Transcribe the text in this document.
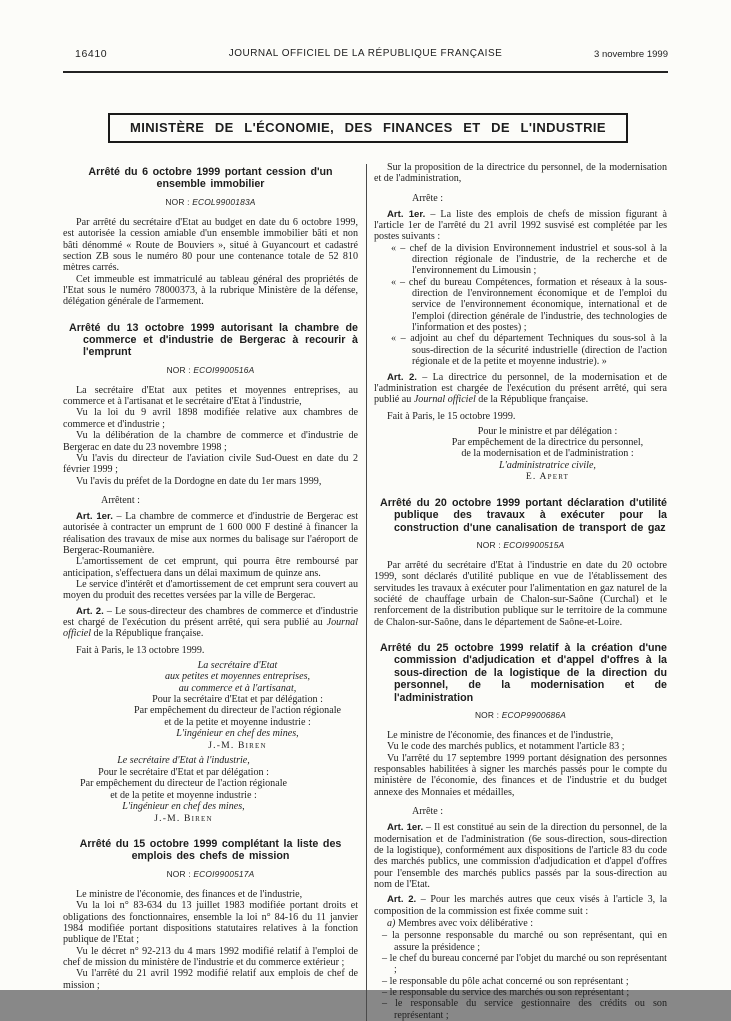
16410	JOURNAL OFFICIEL DE LA RÉPUBLIQUE FRANÇAISE	3 novembre 1999
MINISTÈRE DE L'ÉCONOMIE, DES FINANCES ET DE L'INDUSTRIE
Arrêté du 6 octobre 1999 portant cession d'un ensemble immobilier
NOR : ECOL9900183A

Par arrêté du secrétaire d'Etat au budget en date du 6 octobre 1999, est autorisée la cession amiable d'un ensemble immobilier bâti et non bâti dénommé « Route de Bouviers », situé à Guyancourt et cadastré section ZB sous le numéro 80 pour une contenance totale de 52 810 mètres carrés.

Cet immeuble est immatriculé au tableau général des propriétés de l'Etat sous le numéro 78000373, à la rubrique Ministère de la défense, délégation générale de l'armement.

Arrêté du 13 octobre 1999 autorisant la chambre de commerce et d'industrie de Bergerac à recourir à l'emprunt
NOR : ECOI9900516A

La secrétaire d'Etat aux petites et moyennes entreprises, au commerce et à l'artisanat et le secrétaire d'Etat à l'industrie,

Vu la loi du 9 avril 1898 modifiée relative aux chambres de commerce et d'industrie ;

Vu la délibération de la chambre de commerce et d'industrie de Bergerac en date du 23 novembre 1998 ;

Vu l'avis du directeur de l'aviation civile Sud-Ouest en date du 2 février 1999 ;

Vu l'avis du préfet de la Dordogne en date du 1er mars 1999,

Arrêtent :

Art. 1er. – La chambre de commerce et d'industrie de Bergerac est autorisée à contracter un emprunt de 1 600 000 F destiné à financer la réalisation des travaux de mise aux normes du balisage sur l'aéroport de Bergerac-Roumanière.

L'amortissement de cet emprunt, qui pourra être remboursé par anticipation, s'effectuera dans un délai maximum de quinze ans.

Le service d'intérêt et d'amortissement de cet emprunt sera couvert au moyen du produit des recettes versées par la ville de Bergerac.

Art. 2. – Le sous-directeur des chambres de commerce et d'industrie est chargé de l'exécution du présent arrêté, qui sera publié au Journal officiel de la République française.

Fait à Paris, le 13 octobre 1999.
La secrétaire d'Etat
aux petites et moyennes entreprises,
au commerce et à l'artisanat,
Pour la secrétaire d'Etat et par délégation :
Par empêchement du directeur de l'action régionale
et de la petite et moyenne industrie :
L'ingénieur en chef des mines,
J.-M. Biren
Le secrétaire d'Etat à l'industrie,
Pour le secrétaire d'Etat et par délégation :
Par empêchement du directeur de l'action régionale
et de la petite et moyenne industrie :
L'ingénieur en chef des mines,
J.-M. Biren
Arrêté du 15 octobre 1999 complétant la liste des emplois des chefs de mission
NOR : ECOI9900517A

Le ministre de l'économie, des finances et de l'industrie,

Vu la loi n° 83-634 du 13 juillet 1983 modifiée portant droits et obligations des fonctionnaires, ensemble la loi n° 84-16 du 11 janvier 1984 modifiée portant dispositions statutaires relatives à la fonction publique de l'Etat ;

Vu le décret n° 92-213 du 4 mars 1992 modifié relatif à l'emploi de chef de mission du ministère de l'industrie et du commerce extérieur ;

Vu l'arrêté du 21 avril 1992 modifié relatif aux emplois de chef de mission ;

Sur la proposition de la directrice du personnel, de la modernisation et de l'administration,

Arrête :

Art. 1er. – La liste des emplois de chefs de mission figurant à l'article 1er de l'arrêté du 21 avril 1992 susvisé est complétée par les postes suivants :

« – chef de la division Environnement industriel et sous-sol à la direction régionale de l'industrie, de la recherche et de l'environnement du Limousin ;

« – chef du bureau Compétences, formation et réseaux à la sous-direction de l'environnement économique et de l'emploi du service de l'environnement économique, international et de l'emploi (direction générale de l'industrie, des technologies de l'information et des postes) ;

« – adjoint au chef du département Techniques du sous-sol à la sous-direction de la sécurité industrielle (direction de l'action régionale et de la petite et moyenne industrie). »

Art. 2. – La directrice du personnel, de la modernisation et de l'administration est chargée de l'exécution du présent arrêté, qui sera publié au Journal officiel de la République française.

Fait à Paris, le 15 octobre 1999.
Pour le ministre et par délégation :
Par empêchement de la directrice du personnel,
de la modernisation et de l'administration :
L'administratrice civile,
E. Apert
Arrêté du 20 octobre 1999 portant déclaration d'utilité publique des travaux à exécuter pour la construction d'une canalisation de transport de gaz
NOR : ECOI9900515A

Par arrêté du secrétaire d'Etat à l'industrie en date du 20 octobre 1999, sont déclarés d'utilité publique en vue de l'établissement des servitudes les travaux à exécuter pour l'alimentation en gaz naturel de la société de chauffage urbain de Chalon-sur-Saône (Curchal) et le renforcement de la distribution publique sur le territoire de la commune de Chalon-sur-Saône, dans le département de Saône-et-Loire.

Arrêté du 25 octobre 1999 relatif à la création d'une commission d'adjudication et d'appel d'offres à la sous-direction de la logistique de la direction du personnel, de la modernisation et de l'administration
NOR : ECOP9900686A

Le ministre de l'économie, des finances et de l'industrie,

Vu le code des marchés publics, et notamment l'article 83 ;

Vu l'arrêté du 17 septembre 1999 portant désignation des personnes responsables habilitées à signer les marchés passés pour le compte du ministère de l'économie, des finances et de l'industrie et du budget annexe des Monnaies et médailles,

Arrête :

Art. 1er. – Il est constitué au sein de la direction du personnel, de la modernisation et de l'administration (6e sous-direction, sous-direction de la logistique), conformément aux dispositions de l'article 83 du code des marchés publics, une commission d'adjudication et d'appel d'offres pour l'ensemble des marchés publics passés par la sous-direction au nom de l'Etat.

Art. 2. – Pour les marchés autres que ceux visés à l'article 3, la composition de la commission est fixée comme suit :

a) Membres avec voix délibérative :

– la personne responsable du marché ou son représentant, qui en assure la présidence ;

– le chef du bureau concerné par l'objet du marché ou son représentant ;

– le responsable du pôle achat concerné ou son représentant ;

– le responsable du service des marchés ou son représentant ;

– le responsable du service gestionnaire des crédits ou son représentant ;
